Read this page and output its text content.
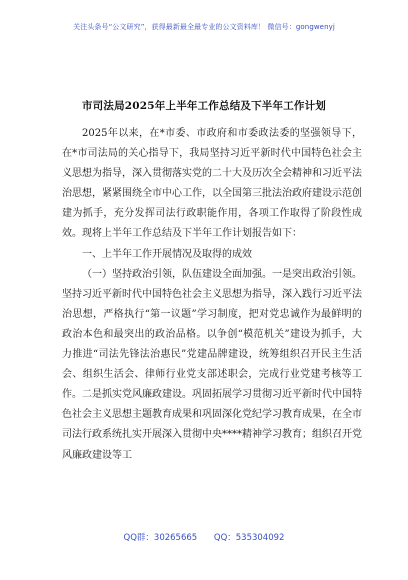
关注头条号“公文研究”，获得最新最全最专业的公文资料库！ 微信号：gongwenyj
市司法局2025年上半年工作总结及下半年工作计划

2025年以来，在*市委、市政府和市委政法委的坚强领导下，在*市司法局的关心指导下，我局坚持习近平新时代中国特色社会主义思想为指导，深入贯彻落实党的二十大及历次全会精神和习近平法治思想，紧紧围绕全市中心工作，以全国第三批法治政府建设示范创建为抓手，充分发挥司法行政职能作用，各项工作取得了阶段性成效。现将上半年工作总结及下半年工作计划报告如下：

一、上半年工作开展情况及取得的成效

（一）坚持政治引领，队伍建设全面加强。一是突出政治引领。坚持习近平新时代中国特色社会主义思想为指导，深入践行习近平法治思想，严格执行“第一议题”学习制度，把对党忠诚作为最鲜明的政治本色和最突出的政治品格。以争创“模范机关”建设为抓手，大力推进“司法先锋法治惠民”党建品牌建设，统筹组织召开民主生活会、组织生活会、律师行业党支部述职会，完成行业党建考核等工作。二是抓实党风廉政建设。巩固拓展学习贯彻习近平新时代中国特色社会主义思想主题教育成果和巩固深化党纪学习教育成果，在全市司法行政系统扎实开展深入贯彻中央****精神学习教育；组织召开党风廉政建设等工

QQ群：30265665 QQ：535304092
